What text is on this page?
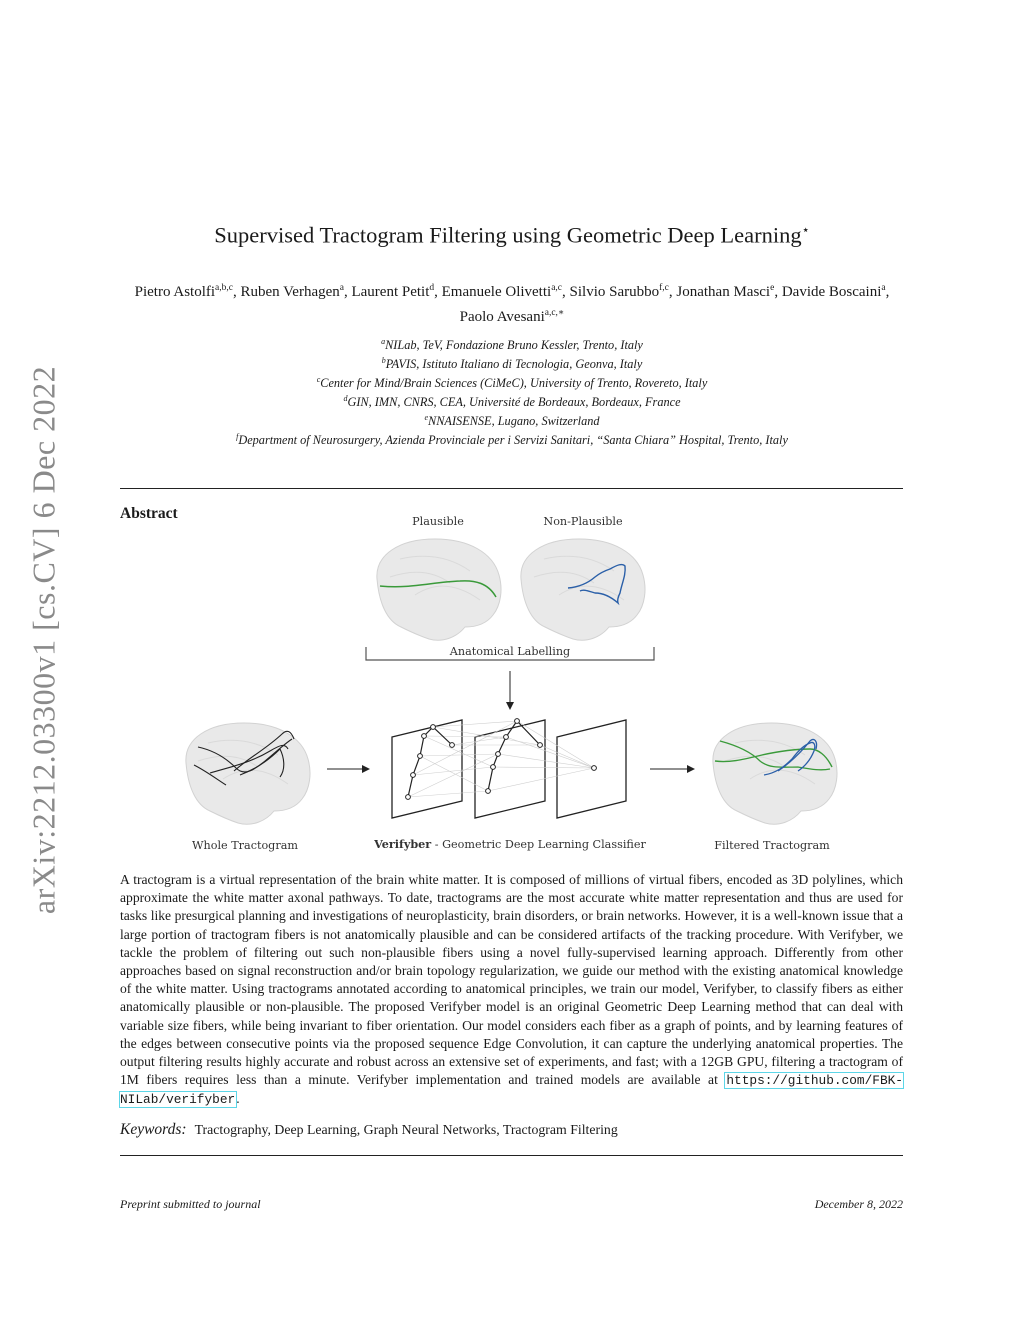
arXiv:2212.03300v1 [cs.CV] 6 Dec 2022
Supervised Tractogram Filtering using Geometric Deep Learning⋆
Pietro Astolfi$^{a,b,c}$, Ruben Verhagen$^a$, Laurent Petit$^d$, Emanuele Olivetti$^{a,c}$, Silvio Sarubbo$^{f,c}$, Jonathan Masci$^e$, Davide Boscaini$^a$, Paolo Avesani$^{a,c,∗}$
$^a$NILab, TeV, Fondazione Bruno Kessler, Trento, Italy
$^b$PAVIS, Istituto Italiano di Tecnologia, Geonva, Italy
$^c$Center for Mind/Brain Sciences (CiMeC), University of Trento, Rovereto, Italy
$^d$GIN, IMN, CNRS, CEA, Université de Bordeaux, Bordeaux, France
$^e$NNAISENSE, Lugano, Switzerland
$^f$Department of Neurosurgery, Azienda Provinciale per i Servizi Sanitari, “Santa Chiara” Hospital, Trento, Italy
Abstract	Plausible	Non-Plausible
Anatomical Labelling
Whole Tractogram	Verifyber - Geometric Deep Learning Classifier	Filtered Tractogram
A tractogram is a virtual representation of the brain white matter. It is composed of millions of virtual fibers, encoded as 3D polylines, which approximate the white matter axonal pathways. To date, tractograms are the most accurate white matter representation and thus are used for tasks like presurgical planning and investigations of neuroplasticity, brain disorders, or brain networks. However, it is a well-known issue that a large portion of tractogram fibers is not anatomically plausible and can be considered artifacts of the tracking procedure. With Verifyber, we tackle the problem of filtering out such non-plausible fibers using a novel fully-supervised learning approach. Differently from other approaches based on signal reconstruction and/or brain topology regularization, we guide our method with the existing anatomical knowledge of the white matter. Using tractograms annotated according to anatomical principles, we train our model, Verifyber, to classify fibers as either anatomically plausible or non-plausible. The proposed Verifyber model is an original Geometric Deep Learning method that can deal with variable size fibers, while being invariant to fiber orientation. Our model considers each fiber as a graph of points, and by learning features of the edges between consecutive points via the proposed sequence Edge Convolution, it can capture the underlying anatomical properties. The output filtering results highly accurate and robust across an extensive set of experiments, and fast; with a 12GB GPU, filtering a tractogram of 1M fibers requires less than a minute. Verifyber implementation and trained models are available at https://github.com/FBK-NILab/verifyber.
Keywords: Tractography, Deep Learning, Graph Neural Networks, Tractogram Filtering
Preprint submitted to journal	December 8, 2022
